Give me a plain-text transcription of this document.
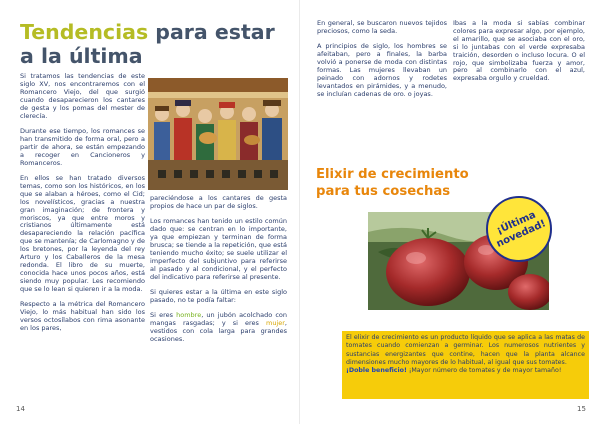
Tendencias para estar a la última

Si tratamos las tendencias de este siglo XV, nos encontraremos con el Romancero Viejo, del que surgió cuando desaparecieron los cantares de gesta y los pomas del mester de clerecía.

Durante ese tiempo, los romances se han transmitido de forma oral, pero a partir de ahora, se están empezando a recoger en Cancioneros y Romanceros.

En ellos se han tratado diversos temas, como son los históricos, en los que se alaban a héroes, como el Cid; los novelísticos, gracias a nuestra gran imaginación; de frontera y moriscos, ya que entre moros y cristianos últimamente está desapareciendo la relación pacífica que se mantenía; de Carlomagno y de los bretones, por la leyenda del rey Arturo y los Caballeros de la mesa redonda. El libro de su muerte, conocida hace unos pocos años, está siendo muy popular. Les recomiendo que se lo lean si quieren ir a la moda.

Respecto a la métrica del Romancero Viejo, lo más habitual han sido los versos octosílabos con rima asonante en los pares,

pareciéndose a los cantares de gesta propios de hace un par de siglos.

Los romances han tenido un estilo común dado que: se centran en lo importante, ya que empiezan y terminan de forma brusca; se tiende a la repetición, que está teniendo mucho éxito; se suele utilizar el imperfecto del subjuntivo para referirse al pasado y al condicional, y el perfecto del indicativo para referirse al presente.

Si quieres estar a la última en este siglo pasado, no te podía faltar:

Si eres hombre, un jubón acolchado con mangas rasgadas; y si eres mujer, vestidos con cola larga para grandes ocasiones.

14

En general, se buscaron nuevos tejidos preciosos, como la seda.

A principios de siglo, los hombres se afeitaban, pero a finales, la barba volvió a ponerse de moda con distintas formas. Las mujeres llevaban un peinado con adornos y rodetes levantados en pirámides, y a menudo, se incluían cadenas de oro. o joyas.

Ibas a la moda si sabías combinar colores para expresar algo, por ejemplo, el amarillo, que se asociaba con el oro, si lo juntabas con el verde expresaba traición, desorden o incluso locura. O el rojo, que simbolizaba fuerza y amor, pero al combinarlo con el azul, expresaba orgullo y crueldad.

Elixir de crecimiento para tus cosechas
¡Última novedad!

El elixir de crecimiento es un producto líquido que se aplica a las matas de tomates cuando comienzan a germinar. Los numerosos nutrientes y sustancias energizantes que contine, hacen que la planta alcance dimensiones mucho mayores de lo habitual, al igual que sus tomates.

¡Doble beneficio! ¡Mayor número de tomates y de mayor tamaño!

15
